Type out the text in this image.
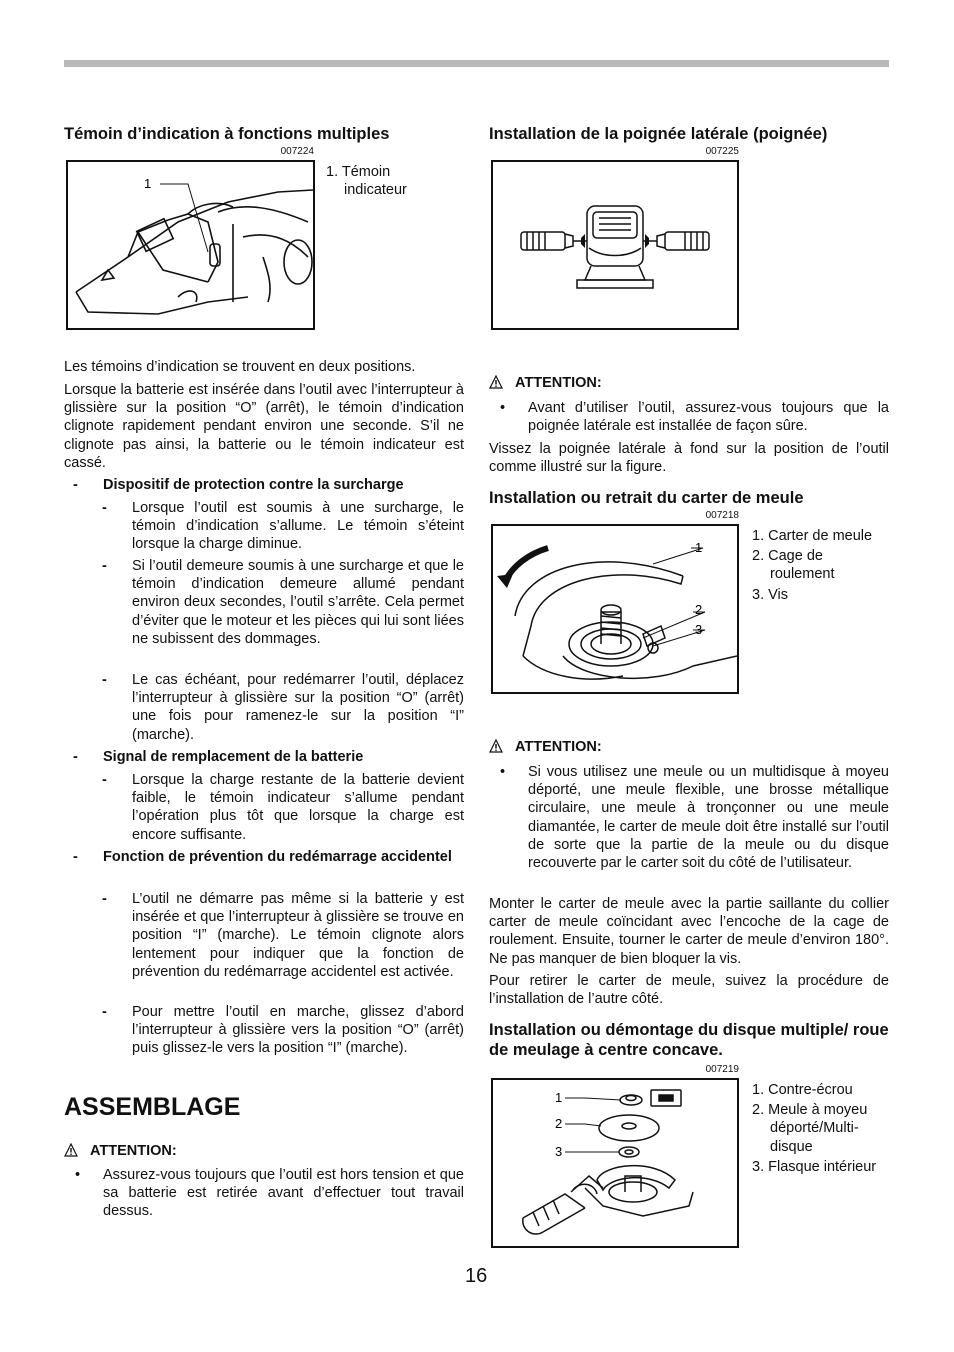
Témoin d’indication à fonctions multiples
007224
1
1. Témoin indicateur

Les témoins d’indication se trouvent en deux positions.

Lorsque la batterie est insérée dans l’outil avec l’interrupteur à glissière sur la position “O” (arrêt), le témoin d’indication clignote rapidement pendant environ une seconde. S’il ne clignote pas ainsi, la batterie ou le témoin indicateur est cassé.

- Dispositif de protection contre la surcharge
- Lorsque l’outil est soumis à une surcharge, le témoin d’indication s’allume. Le témoin s’éteint lorsque la charge diminue.
- Si l’outil demeure soumis à une surcharge et que le témoin d’indication demeure allumé pendant environ deux secondes, l’outil s’arrête. Cela permet d’éviter que le moteur et les pièces qui lui sont liées ne subissent des dommages.
- Le cas échéant, pour redémarrer l’outil, déplacez l’interrupteur à glissière sur la position “O” (arrêt) une fois pour ramenez-le sur la position “I” (marche).
- Signal de remplacement de la batterie
- Lorsque la charge restante de la batterie devient faible, le témoin indicateur s’allume pendant l’opération plus tôt que lorsque la charge est encore suffisante.
- Fonction de prévention du redémarrage accidentel
- L’outil ne démarre pas même si la batterie y est insérée et que l’interrupteur à glissière se trouve en position “I” (marche). Le témoin clignote alors lentement pour indiquer que la fonction de prévention du redémarrage accidentel est activée.
- Pour mettre l’outil en marche, glissez d’abord l’interrupteur à glissière vers la position “O” (arrêt) puis glissez-le vers la position “I” (marche).
ASSEMBLAGE
ATTENTION:
• Assurez-vous toujours que l’outil est hors tension et que sa batterie est retirée avant d’effectuer tout travail dessus.
Installation de la poignée latérale (poignée)
007225
ATTENTION:
• Avant d’utiliser l’outil, assurez-vous toujours que la poignée latérale est installée de façon sûre.

Vissez la poignée latérale à fond sur la position de l’outil comme illustré sur la figure.

Installation ou retrait du carter de meule
007218
1
2
3
1. Carter de meule
2. Cage de roulement
3. Vis
ATTENTION:
• Si vous utilisez une meule ou un multidisque à moyeu déporté, une meule flexible, une brosse métallique circulaire, une meule à tronçonner ou une meule diamantée, le carter de meule doit être installé sur l’outil de sorte que la partie de la meule ou du disque recouverte par le carter soit du côté de l’utilisateur.

Monter le carter de meule avec la partie saillante du collier carter de meule coïncidant avec l’encoche de la cage de roulement. Ensuite, tourner le carter de meule d’environ 180°. Ne pas manquer de bien bloquer la vis.

Pour retirer le carter de meule, suivez la procédure de l’installation de l’autre côté.

Installation ou démontage du disque multiple/ roue de meulage à centre concave.
007219
1
2
3
1. Contre-écrou
2. Meule à moyeu déporté/Multi-disque
3. Flasque intérieur
16
